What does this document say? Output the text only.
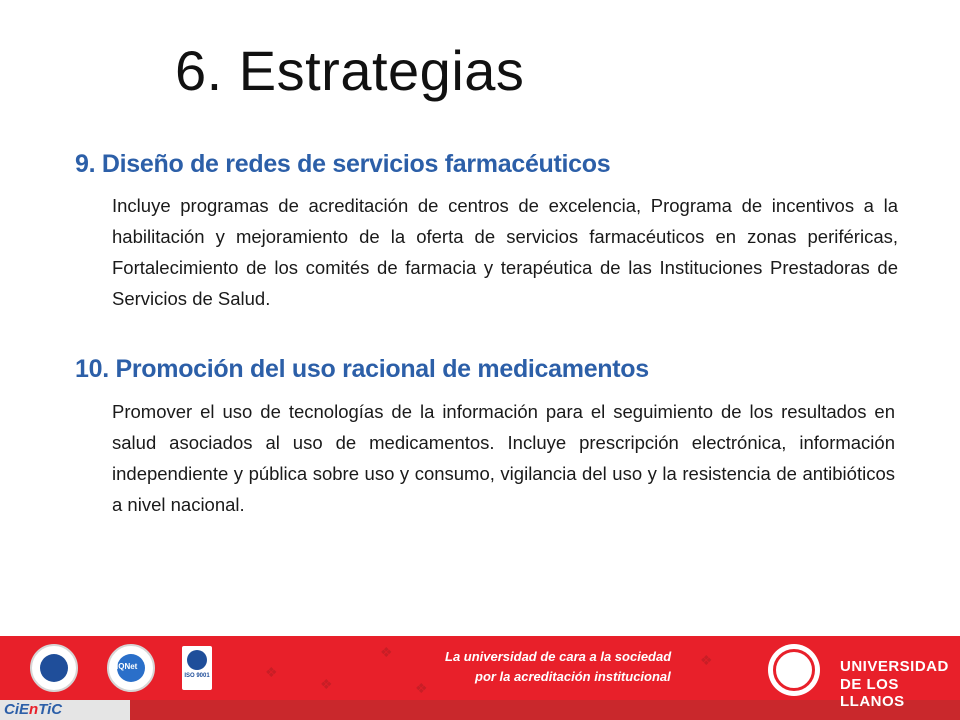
6. Estrategias
9. Diseño de redes de servicios farmacéuticos
Incluye programas de acreditación de centros de excelencia, Programa de incentivos a la habilitación y mejoramiento de la oferta de servicios farmacéuticos en zonas periféricas, Fortalecimiento de los comités de farmacia y terapéutica de las Instituciones Prestadoras de Servicios de Salud.
10. Promoción del uso racional de medicamentos
Promover el uso de tecnologías de la información para el seguimiento de los resultados en salud asociados al uso de medicamentos. Incluye prescripción electrónica, información independiente y pública sobre uso y consumo, vigilancia del uso y la resistencia de antibióticos a nivel nacional.
IQNet
ISO 9001
❖
❖
❖
❖
❖
La universidad de cara a la sociedad
por la acreditación institucional
UNIVERSIDAD
DE LOS LLANOS
CiEnTiC
